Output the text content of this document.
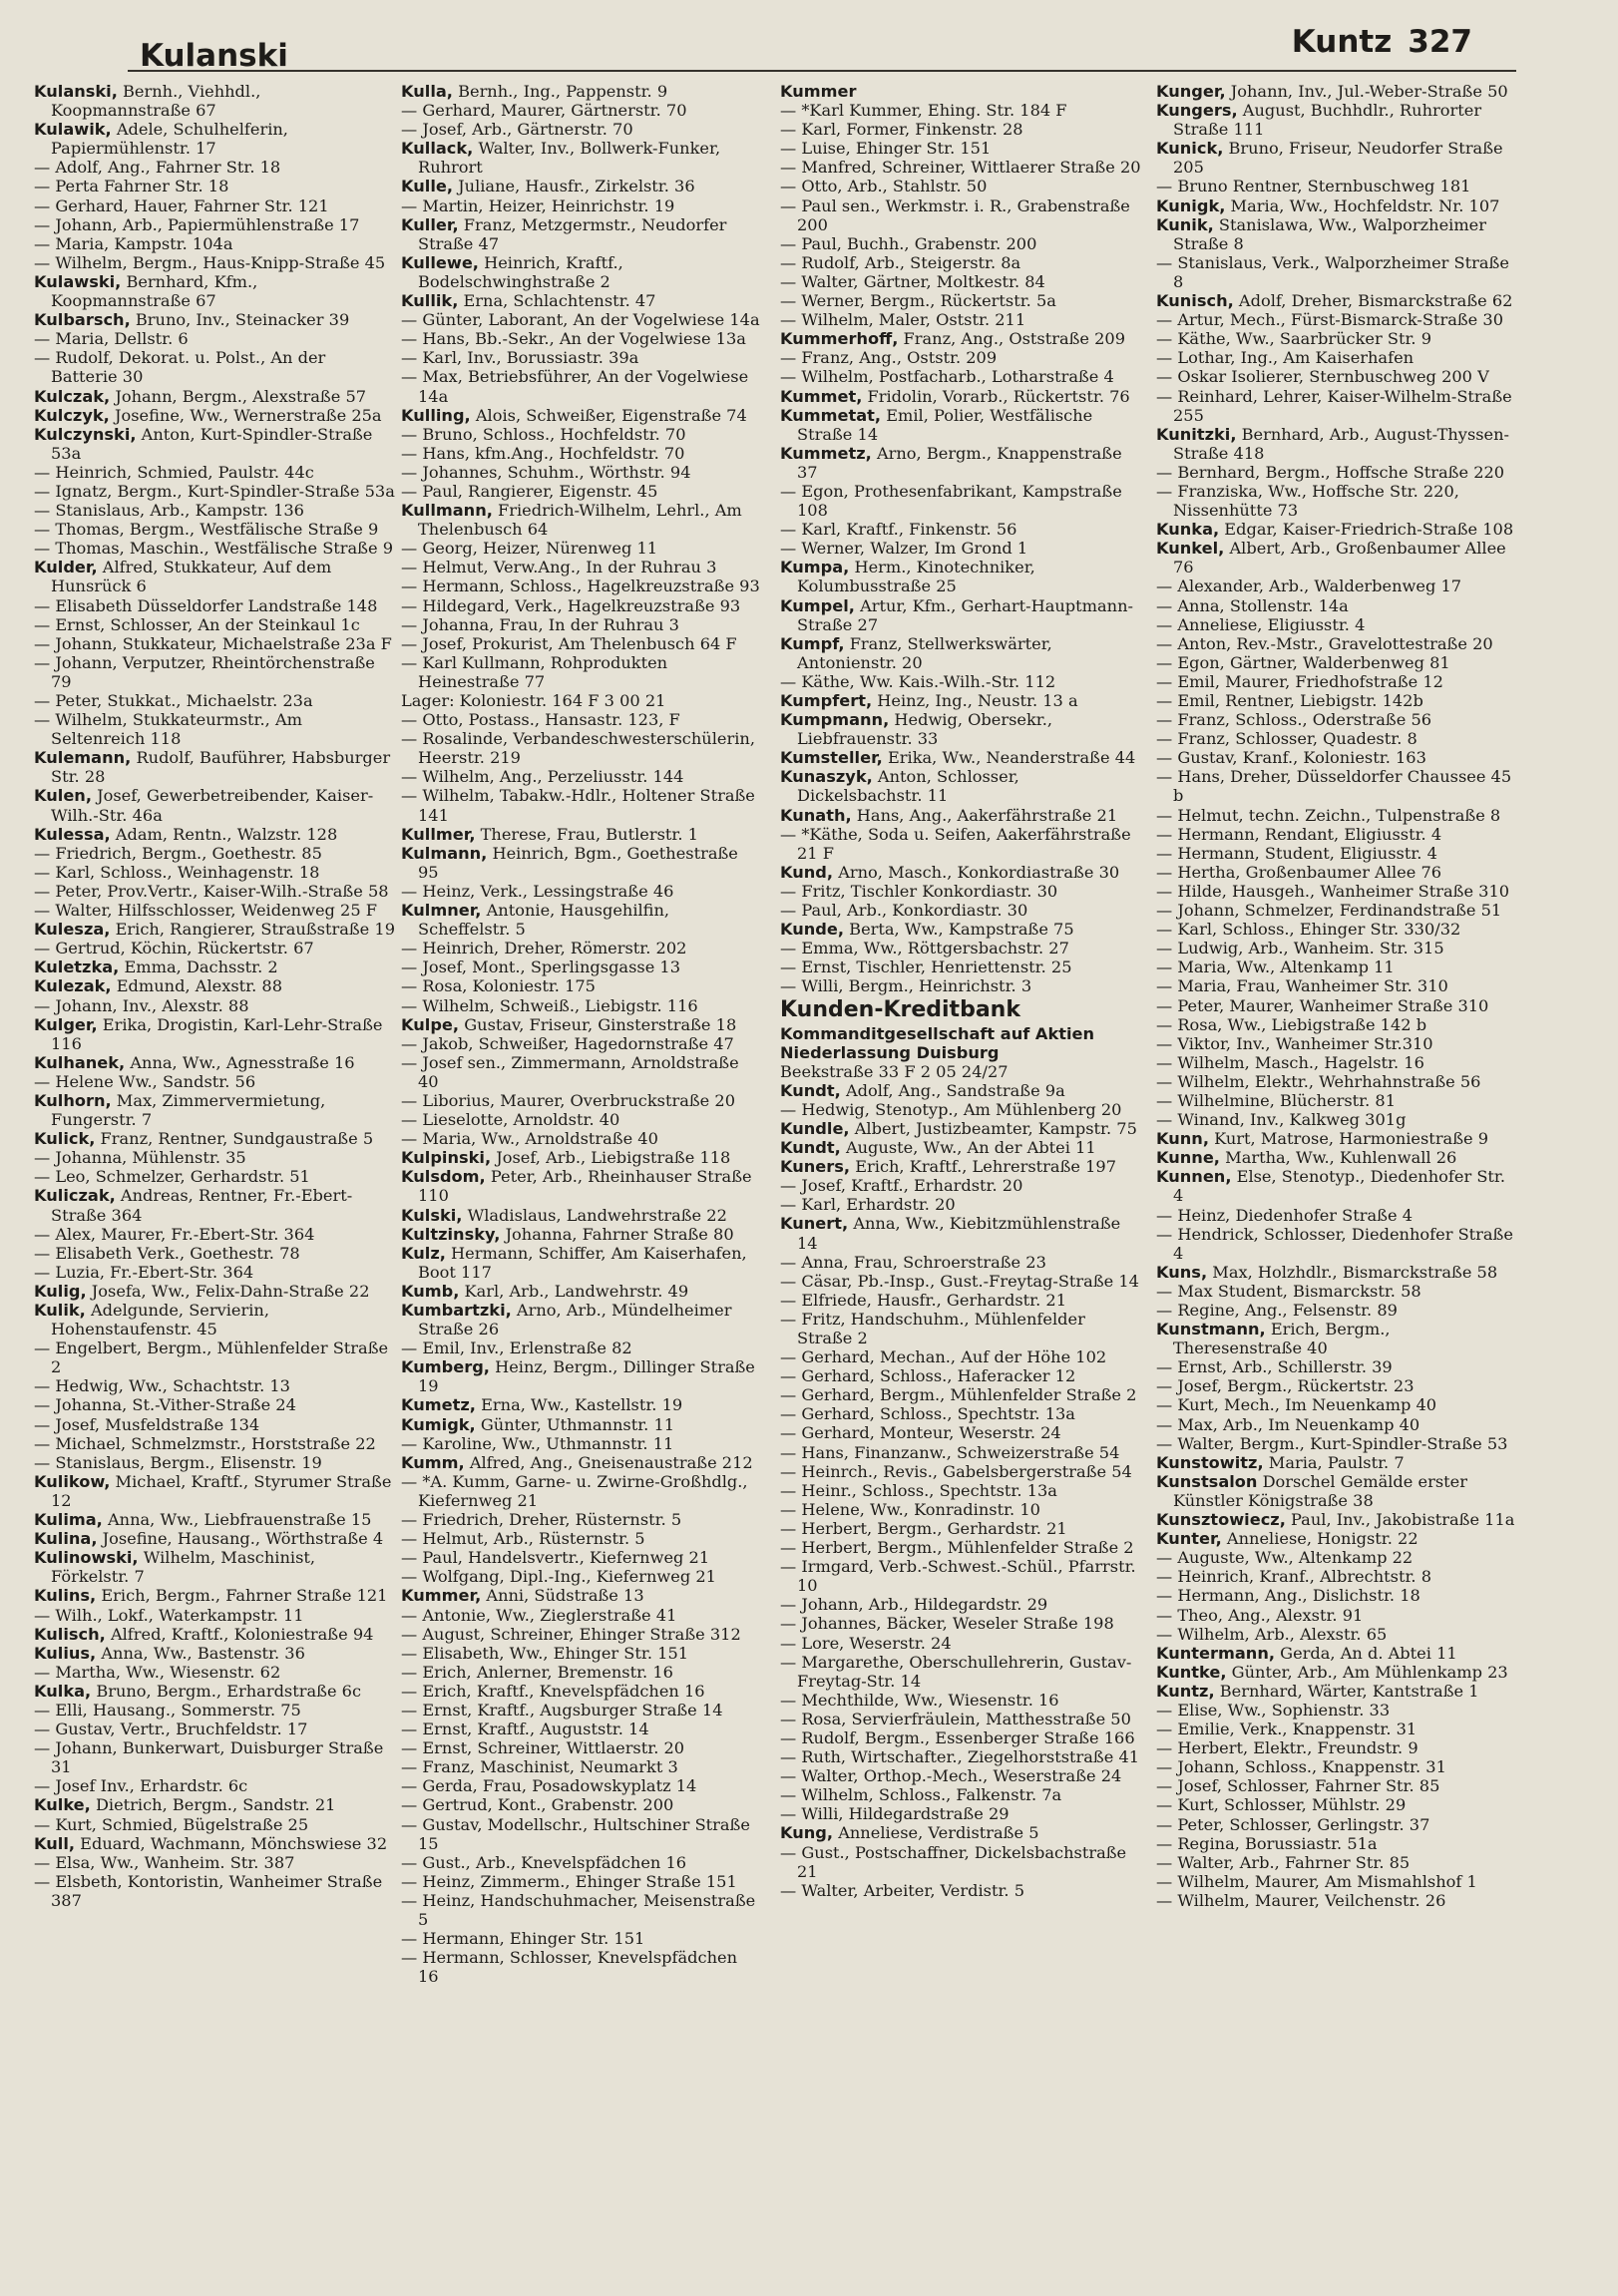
Kulanski	Kuntz 327
Kulanski, Bernh., Viehhdl., Koopmannstraße 67
Kulawik, Adele, Schulhelferin, Papiermühlenstr. 17
— Adolf, Ang., Fahrner Str. 18
— Perta Fahrner Str. 18
— Gerhard, Hauer, Fahrner Str. 121
— Johann, Arb., Papiermühlenstraße 17
— Maria, Kampstr. 104a
— Wilhelm, Bergm., Haus-Knipp-Straße 45
Kulawski, Bernhard, Kfm., Koopmannstraße 67
Kulbarsch, Bruno, Inv., Steinacker 39
— Maria, Dellstr. 6
— Rudolf, Dekorat. u. Polst., An der Batterie 30
Kulczak, Johann, Bergm., Alexstraße 57
Kulczyk, Josefine, Ww., Wernerstraße 25a
Kulczynski, Anton, Kurt-Spindler-Straße 53a
— Heinrich, Schmied, Paulstr. 44c
— Ignatz, Bergm., Kurt-Spindler-Straße 53a
— Stanislaus, Arb., Kampstr. 136
— Thomas, Bergm., Westfälische Straße 9
— Thomas, Maschin., Westfälische Straße 9
Kulder, Alfred, Stukkateur, Auf dem Hunsrück 6
— Elisabeth Düsseldorfer Landstraße 148
— Ernst, Schlosser, An der Steinkaul 1c
— Johann, Stukkateur, Michaelstraße 23a F
— Johann, Verputzer, Rheintörchenstraße 79
— Peter, Stukkat., Michaelstr. 23a
— Wilhelm, Stukkateurmstr., Am Seltenreich 118
Kulemann, Rudolf, Bauführer, Habsburger Str. 28
Kulen, Josef, Gewerbetreibender, Kaiser-Wilh.-Str. 46a
Kulessa, Adam, Rentn., Walzstr. 128
— Friedrich, Bergm., Goethestr. 85
— Karl, Schloss., Weinhagenstr. 18
— Peter, Prov.Vertr., Kaiser-Wilh.-Straße 58
— Walter, Hilfsschlosser, Weidenweg 25 F
Kulesza, Erich, Rangierer, Straußstraße 19
— Gertrud, Köchin, Rückertstr. 67
Kuletzka, Emma, Dachsstr. 2
Kulezak, Edmund, Alexstr. 88
— Johann, Inv., Alexstr. 88
Kulger, Erika, Drogistin, Karl-Lehr-Straße 116
Kulhanek, Anna, Ww., Agnesstraße 16
— Helene Ww., Sandstr. 56
Kulhorn, Max, Zimmervermietung, Fungerstr. 7
Kulick, Franz, Rentner, Sundgaustraße 5
— Johanna, Mühlenstr. 35
— Leo, Schmelzer, Gerhardstr. 51
Kuliczak, Andreas, Rentner, Fr.-Ebert-Straße 364
— Alex, Maurer, Fr.-Ebert-Str. 364
— Elisabeth Verk., Goethestr. 78
— Luzia, Fr.-Ebert-Str. 364
Kulig, Josefa, Ww., Felix-Dahn-Straße 22
Kulik, Adelgunde, Servierin, Hohenstaufenstr. 45
— Engelbert, Bergm., Mühlenfelder Straße 2
— Hedwig, Ww., Schachtstr. 13
— Johanna, St.-Vither-Straße 24
— Josef, Musfeldstraße 134
— Michael, Schmelzmstr., Horststraße 22
— Stanislaus, Bergm., Elisenstr. 19
Kulikow, Michael, Kraftf., Styrumer Straße 12
Kulima, Anna, Ww., Liebfrauenstraße 15
Kulina, Josefine, Hausang., Wörthstraße 4
Kulinowski, Wilhelm, Maschinist, Förkelstr. 7
Kulins, Erich, Bergm., Fahrner Straße 121
— Wilh., Lokf., Waterkampstr. 11
Kulisch, Alfred, Kraftf., Koloniestraße 94
Kulius, Anna, Ww., Bastenstr. 36
— Martha, Ww., Wiesenstr. 62
Kulka, Bruno, Bergm., Erhardstraße 6c
— Elli, Hausang., Sommerstr. 75
— Gustav, Vertr., Bruchfeldstr. 17
— Johann, Bunkerwart, Duisburger Straße 31
— Josef Inv., Erhardstr. 6c
Kulke, Dietrich, Bergm., Sandstr. 21
— Kurt, Schmied, Bügelstraße 25
Kull, Eduard, Wachmann, Mönchswiese 32
— Elsa, Ww., Wanheim. Str. 387
— Elsbeth, Kontoristin, Wanheimer Straße 387
Kulla, Bernh., Ing., Pappenstr. 9
— Gerhard, Maurer, Gärtnerstr. 70
— Josef, Arb., Gärtnerstr. 70
Kullack, Walter, Inv., Bollwerk-Funker, Ruhrort
Kulle, Juliane, Hausfr., Zirkelstr. 36
— Martin, Heizer, Heinrichstr. 19
Kuller, Franz, Metzgermstr., Neudorfer Straße 47
Kullewe, Heinrich, Kraftf., Bodelschwinghstraße 2
Kullik, Erna, Schlachtenstr. 47
— Günter, Laborant, An der Vogelwiese 14a
— Hans, Bb.-Sekr., An der Vogelwiese 13a
— Karl, Inv., Borussiastr. 39a
— Max, Betriebsführer, An der Vogelwiese 14a
Kulling, Alois, Schweißer, Eigenstraße 74
— Bruno, Schloss., Hochfeldstr. 70
— Hans, kfm.Ang., Hochfeldstr. 70
— Johannes, Schuhm., Wörthstr. 94
— Paul, Rangierer, Eigenstr. 45
Kullmann, Friedrich-Wilhelm, Lehrl., Am Thelenbusch 64
— Georg, Heizer, Nürenweg 11
— Helmut, Verw.Ang., In der Ruhrau 3
— Hermann, Schloss., Hagelkreuzstraße 93
— Hildegard, Verk., Hagelkreuzstraße 93
— Johanna, Frau, In der Ruhrau 3
— Josef, Prokurist, Am Thelenbusch 64 F
— Karl Kullmann, Rohprodukten Heinestraße 77
Lager: Koloniestr. 164 F 3 00 21
— Otto, Postass., Hansastr. 123, F
— Rosalinde, Verbandeschwesterschülerin, Heerstr. 219
— Wilhelm, Ang., Perzeliusstr. 144
— Wilhelm, Tabakw.-Hdlr., Holtener Straße 141
Kullmer, Therese, Frau, Butlerstr. 1
Kulmann, Heinrich, Bgm., Goethestraße 95
— Heinz, Verk., Lessingstraße 46
Kulmner, Antonie, Hausgehilfin, Scheffelstr. 5
— Heinrich, Dreher, Römerstr. 202
— Josef, Mont., Sperlingsgasse 13
— Rosa, Koloniestr. 175
— Wilhelm, Schweiß., Liebigstr. 116
Kulpe, Gustav, Friseur, Ginsterstraße 18
— Jakob, Schweißer, Hagedornstraße 47
— Josef sen., Zimmermann, Arnoldstraße 40
— Liborius, Maurer, Overbruckstraße 20
— Lieselotte, Arnoldstr. 40
— Maria, Ww., Arnoldstraße 40
Kulpinski, Josef, Arb., Liebigstraße 118
Kulsdom, Peter, Arb., Rheinhauser Straße 110
Kulski, Wladislaus, Landwehrstraße 22
Kultzinsky, Johanna, Fahrner Straße 80
Kulz, Hermann, Schiffer, Am Kaiserhafen, Boot 117
Kumb, Karl, Arb., Landwehrstr. 49
Kumbartzki, Arno, Arb., Mündelheimer Straße 26
— Emil, Inv., Erlenstraße 82
Kumberg, Heinz, Bergm., Dillinger Straße 19
Kumetz, Erna, Ww., Kastellstr. 19
Kumigk, Günter, Uthmannstr. 11
— Karoline, Ww., Uthmannstr. 11
Kumm, Alfred, Ang., Gneisenaustraße 212
— *A. Kumm, Garne- u. Zwirne-Großhdlg., Kiefernweg 21
— Friedrich, Dreher, Rüsternstr. 5
— Helmut, Arb., Rüsternstr. 5
— Paul, Handelsvertr., Kiefernweg 21
— Wolfgang, Dipl.-Ing., Kiefernweg 21
Kummer, Anni, Südstraße 13
— Antonie, Ww., Zieglerstraße 41
— August, Schreiner, Ehinger Straße 312
— Elisabeth, Ww., Ehinger Str. 151
— Erich, Anlerner, Bremenstr. 16
— Erich, Kraftf., Knevelspfädchen 16
— Ernst, Kraftf., Augsburger Straße 14
— Ernst, Kraftf., Auguststr. 14
— Ernst, Schreiner, Wittlaerstr. 20
— Franz, Maschinist, Neumarkt 3
— Gerda, Frau, Posadowskyplatz 14
— Gertrud, Kont., Grabenstr. 200
— Gustav, Modellschr., Hultschiner Straße 15
— Gust., Arb., Knevelspfädchen 16
— Heinz, Zimmerm., Ehinger Straße 151
— Heinz, Handschuhmacher, Meisenstraße 5
— Hermann, Ehinger Str. 151
— Hermann, Schlosser, Knevelspfädchen 16
Kummer
— *Karl Kummer, Ehing. Str. 184 F
— Karl, Former, Finkenstr. 28
— Luise, Ehinger Str. 151
— Manfred, Schreiner, Wittlaerer Straße 20
— Otto, Arb., Stahlstr. 50
— Paul sen., Werkmstr. i. R., Grabenstraße 200
— Paul, Buchh., Grabenstr. 200
— Rudolf, Arb., Steigerstr. 8a
— Walter, Gärtner, Moltkestr. 84
— Werner, Bergm., Rückertstr. 5a
— Wilhelm, Maler, Oststr. 211
Kummerhoff, Franz, Ang., Oststraße 209
— Franz, Ang., Oststr. 209
— Wilhelm, Postfacharb., Lotharstraße 4
Kummet, Fridolin, Vorarb., Rückertstr. 76
Kummetat, Emil, Polier, Westfälische Straße 14
Kummetz, Arno, Bergm., Knappenstraße 37
— Egon, Prothesenfabrikant, Kampstraße 108
— Karl, Kraftf., Finkenstr. 56
— Werner, Walzer, Im Grond 1
Kumpa, Herm., Kinotechniker, Kolumbusstraße 25
Kumpel, Artur, Kfm., Gerhart-Hauptmann-Straße 27
Kumpf, Franz, Stellwerkswärter, Antonienstr. 20
— Käthe, Ww. Kais.-Wilh.-Str. 112
Kumpfert, Heinz, Ing., Neustr. 13 a
Kumpmann, Hedwig, Obersekr., Liebfrauenstr. 33
Kumsteller, Erika, Ww., Neanderstraße 44
Kunaszyk, Anton, Schlosser, Dickelsbachstr. 11
Kunath, Hans, Ang., Aakerfährstraße 21
— *Käthe, Soda u. Seifen, Aakerfährstraße 21 F
Kund, Arno, Masch., Konkordiastraße 30
— Fritz, Tischler Konkordiastr. 30
— Paul, Arb., Konkordiastr. 30
Kunde, Berta, Ww., Kampstraße 75
— Emma, Ww., Röttgersbachstr. 27
— Ernst, Tischler, Henriettenstr. 25
— Willi, Bergm., Heinrichstr. 3
Kunden-Kreditbank
Kommanditgesellschaft auf Aktien
Niederlassung Duisburg
Beekstraße 33 F 2 05 24/27
Kundt, Adolf, Ang., Sandstraße 9a
— Hedwig, Stenotyp., Am Mühlenberg 20
Kundle, Albert, Justizbeamter, Kampstr. 75
Kundt, Auguste, Ww., An der Abtei 11
Kuners, Erich, Kraftf., Lehrerstraße 197
— Josef, Kraftf., Erhardstr. 20
— Karl, Erhardstr. 20
Kunert, Anna, Ww., Kiebitzmühlenstraße 14
— Anna, Frau, Schroerstraße 23
— Cäsar, Pb.-Insp., Gust.-Freytag-Straße 14
— Elfriede, Hausfr., Gerhardstr. 21
— Fritz, Handschuhm., Mühlenfelder Straße 2
— Gerhard, Mechan., Auf der Höhe 102
— Gerhard, Schloss., Haferacker 12
— Gerhard, Bergm., Mühlenfelder Straße 2
— Gerhard, Schloss., Spechtstr. 13a
— Gerhard, Monteur, Weserstr. 24
— Hans, Finanzanw., Schweizerstraße 54
— Heinrch., Revis., Gabelsbergerstraße 54
— Heinr., Schloss., Spechtstr. 13a
— Helene, Ww., Konradinstr. 10
— Herbert, Bergm., Gerhardstr. 21
— Herbert, Bergm., Mühlenfelder Straße 2
— Irmgard, Verb.-Schwest.-Schül., Pfarrstr. 10
— Johann, Arb., Hildegardstr. 29
— Johannes, Bäcker, Weseler Straße 198
— Lore, Weserstr. 24
— Margarethe, Oberschullehrerin, Gustav-Freytag-Str. 14
— Mechthilde, Ww., Wiesenstr. 16
— Rosa, Servierfräulein, Matthesstraße 50
— Rudolf, Bergm., Essenberger Straße 166
— Ruth, Wirtschafter., Ziegelhorststraße 41
— Walter, Orthop.-Mech., Weserstraße 24
— Wilhelm, Schloss., Falkenstr. 7a
— Willi, Hildegardstraße 29
Kung, Anneliese, Verdistraße 5
— Gust., Postschaffner, Dickelsbachstraße 21
— Walter, Arbeiter, Verdistr. 5
Kunger, Johann, Inv., Jul.-Weber-Straße 50
Kungers, August, Buchhdlr., Ruhrorter Straße 111
Kunick, Bruno, Friseur, Neudorfer Straße 205
— Bruno Rentner, Sternbuschweg 181
Kunigk, Maria, Ww., Hochfeldstr. Nr. 107
Kunik, Stanislawa, Ww., Walporzheimer Straße 8
— Stanislaus, Verk., Walporzheimer Straße 8
Kunisch, Adolf, Dreher, Bismarckstraße 62
— Artur, Mech., Fürst-Bismarck-Straße 30
— Käthe, Ww., Saarbrücker Str. 9
— Lothar, Ing., Am Kaiserhafen
— Oskar Isolierer, Sternbuschweg 200 V
— Reinhard, Lehrer, Kaiser-Wilhelm-Straße 255
Kunitzki, Bernhard, Arb., August-Thyssen-Straße 418
— Bernhard, Bergm., Hoffsche Straße 220
— Franziska, Ww., Hoffsche Str. 220, Nissenhütte 73
Kunka, Edgar, Kaiser-Friedrich-Straße 108
Kunkel, Albert, Arb., Großenbaumer Allee 76
— Alexander, Arb., Walderbenweg 17
— Anna, Stollenstr. 14a
— Anneliese, Eligiusstr. 4
— Anton, Rev.-Mstr., Gravelottestraße 20
— Egon, Gärtner, Walderbenweg 81
— Emil, Maurer, Friedhofstraße 12
— Emil, Rentner, Liebigstr. 142b
— Franz, Schloss., Oderstraße 56
— Franz, Schlosser, Quadestr. 8
— Gustav, Kranf., Koloniestr. 163
— Hans, Dreher, Düsseldorfer Chaussee 45 b
— Helmut, techn. Zeichn., Tulpenstraße 8
— Hermann, Rendant, Eligiusstr. 4
— Hermann, Student, Eligiusstr. 4
— Hertha, Großenbaumer Allee 76
— Hilde, Hausgeh., Wanheimer Straße 310
— Johann, Schmelzer, Ferdinandstraße 51
— Karl, Schloss., Ehinger Str. 330/32
— Ludwig, Arb., Wanheim. Str. 315
— Maria, Ww., Altenkamp 11
— Maria, Frau, Wanheimer Str. 310
— Peter, Maurer, Wanheimer Straße 310
— Rosa, Ww., Liebigstraße 142 b
— Viktor, Inv., Wanheimer Str.310
— Wilhelm, Masch., Hagelstr. 16
— Wilhelm, Elektr., Wehrhahnstraße 56
— Wilhelmine, Blücherstr. 81
— Winand, Inv., Kalkweg 301g
Kunn, Kurt, Matrose, Harmoniestraße 9
Kunne, Martha, Ww., Kuhlenwall 26
Kunnen, Else, Stenotyp., Diedenhofer Str. 4
— Heinz, Diedenhofer Straße 4
— Hendrick, Schlosser, Diedenhofer Straße 4
Kuns, Max, Holzhdlr., Bismarckstraße 58
— Max Student, Bismarckstr. 58
— Regine, Ang., Felsenstr. 89
Kunstmann, Erich, Bergm., Theresenstraße 40
— Ernst, Arb., Schillerstr. 39
— Josef, Bergm., Rückertstr. 23
— Kurt, Mech., Im Neuenkamp 40
— Max, Arb., Im Neuenkamp 40
— Walter, Bergm., Kurt-Spindler-Straße 53
Kunstowitz, Maria, Paulstr. 7
Kunstsalon Dorschel Gemälde erster Künstler Königstraße 38
Kunsztowiecz, Paul, Inv., Jakobistraße 11a
Kunter, Anneliese, Honigstr. 22
— Auguste, Ww., Altenkamp 22
— Heinrich, Kranf., Albrechtstr. 8
— Hermann, Ang., Dislichstr. 18
— Theo, Ang., Alexstr. 91
— Wilhelm, Arb., Alexstr. 65
Kuntermann, Gerda, An d. Abtei 11
Kuntke, Günter, Arb., Am Mühlenkamp 23
Kuntz, Bernhard, Wärter, Kantstraße 1
— Elise, Ww., Sophienstr. 33
— Emilie, Verk., Knappenstr. 31
— Herbert, Elektr., Freundstr. 9
— Johann, Schloss., Knappenstr. 31
— Josef, Schlosser, Fahrner Str. 85
— Kurt, Schlosser, Mühlstr. 29
— Peter, Schlosser, Gerlingstr. 37
— Regina, Borussiastr. 51a
— Walter, Arb., Fahrner Str. 85
— Wilhelm, Maurer, Am Mismahlshof 1
— Wilhelm, Maurer, Veilchenstr. 26
